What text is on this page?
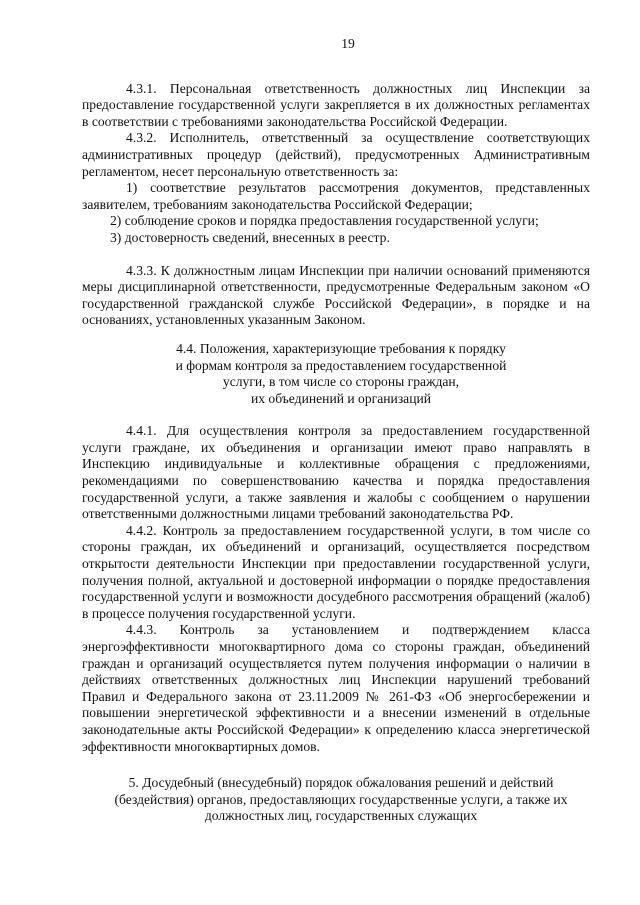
19

4.3.1. Персональная ответственность должностных лиц Инспекции за предоставление государственной услуги закрепляется в их должностных регламентах в соответствии с требованиями законодательства Российской Федерации.

4.3.2. Исполнитель, ответственный за осуществление соответствующих административных процедур (действий), предусмотренных Административным регламентом, несет персональную ответственность за:

1) соответствие результатов рассмотрения документов, представленных заявителем, требованиям законодательства Российской Федерации;

2) соблюдение сроков и порядка предоставления государственной услуги;

3) достоверность сведений, внесенных в реестр.

4.3.3. К должностным лицам Инспекции при наличии оснований применяются меры дисциплинарной ответственности, предусмотренные Федеральным законом «О государственной гражданской службе Российской Федерации», в порядке и на основаниях, установленных указанным Законом.

4.4. Положения, характеризующие требования к порядку
и формам контроля за предоставлением государственной
услуги, в том числе со стороны граждан,
их объединений и организаций

4.4.1. Для осуществления контроля за предоставлением государственной услуги граждане, их объединения и организации имеют право направлять в Инспекцию индивидуальные и коллективные обращения с предложениями, рекомендациями по совершенствованию качества и порядка предоставления государственной услуги, а также заявления и жалобы с сообщением о нарушении ответственными должностными лицами требований законодательства РФ.

4.4.2. Контроль за предоставлением государственной услуги, в том числе со стороны граждан, их объединений и организаций, осуществляется посредством открытости деятельности Инспекции при предоставлении государственной услуги, получения полной, актуальной и достоверной информации о порядке предоставления государственной услуги и возможности досудебного рассмотрения обращений (жалоб) в процессе получения государственной услуги.

4.4.3. Контроль за установлением и подтверждением класса энергоэффективности многоквартирного дома со стороны граждан, объединений граждан и организаций осуществляется путем получения информации о наличии в действиях ответственных должностных лиц Инспекции нарушений требований Правил и Федерального закона от 23.11.2009 № 261-ФЗ «Об энергосбережении и повышении энергетической эффективности и а внесении изменений в отдельные законодательные акты Российской Федерации» к определению класса энергетической эффективности многоквартирных домов.

5. Досудебный (внесудебный) порядок обжалования решений и действий
(бездействия) органов, предоставляющих государственные услуги, а также их
должностных лиц, государственных служащих
